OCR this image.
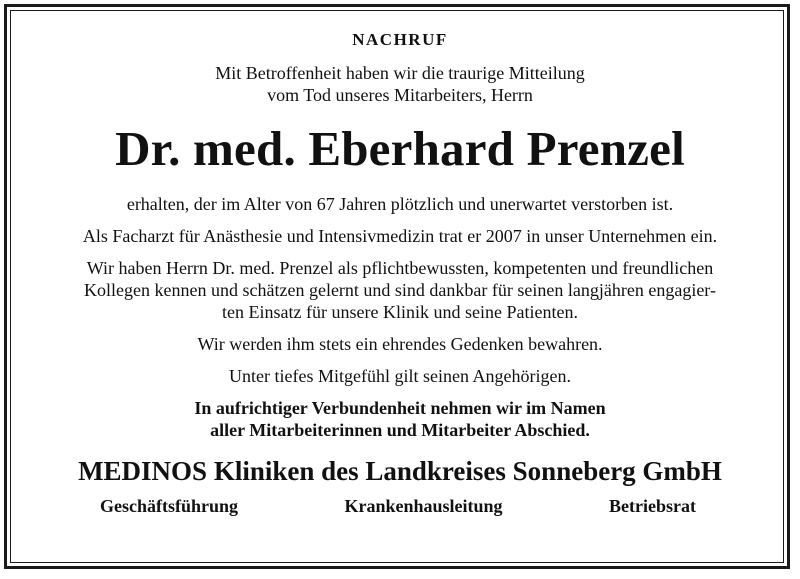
NACHRUF
Mit Betroffenheit haben wir die traurige Mitteilung
vom Tod unseres Mitarbeiters, Herrn
Dr. med. Eberhard Prenzel
erhalten, der im Alter von 67 Jahren plötzlich und unerwartet verstorben ist.
Als Facharzt für Anästhesie und Intensivmedizin trat er 2007 in unser Unternehmen ein.
Wir haben Herrn Dr. med. Prenzel als pflichtbewussten, kompetenten und freundlichen
Kollegen kennen und schätzen gelernt und sind dankbar für seinen langjähren engagier-
ten Einsatz für unsere Klinik und seine Patienten.
Wir werden ihm stets ein ehrendes Gedenken bewahren.
Unter tiefes Mitgefühl gilt seinen Angehörigen.
In aufrichtiger Verbundenheit nehmen wir im Namen
aller Mitarbeiterinnen und Mitarbeiter Abschied.
MEDINOS Kliniken des Landkreises Sonneberg GmbH
Geschäftsführung	Krankenhausleitung	Betriebsrat
